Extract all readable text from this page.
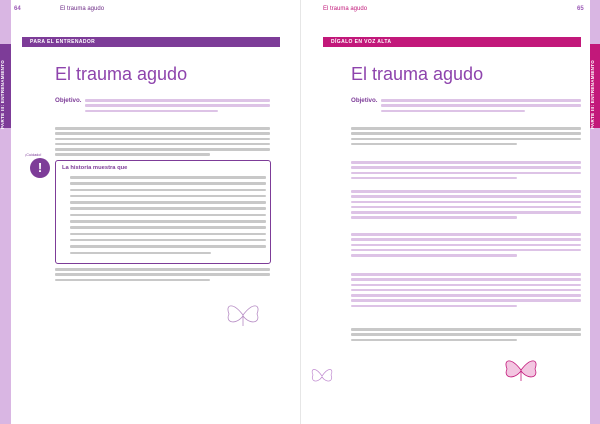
PARTE III: ENTRENAMIENTO
64	El trauma agudo
PARA EL ENTRENADOR
El trauma agudo
Objetivo.
¡Cuidado!
!	La historia muestra que
PARTE III: ENTRENAMIENTO
El trauma agudo	65
DÍGALO EN VOZ ALTA
El trauma agudo
Objetivo.
